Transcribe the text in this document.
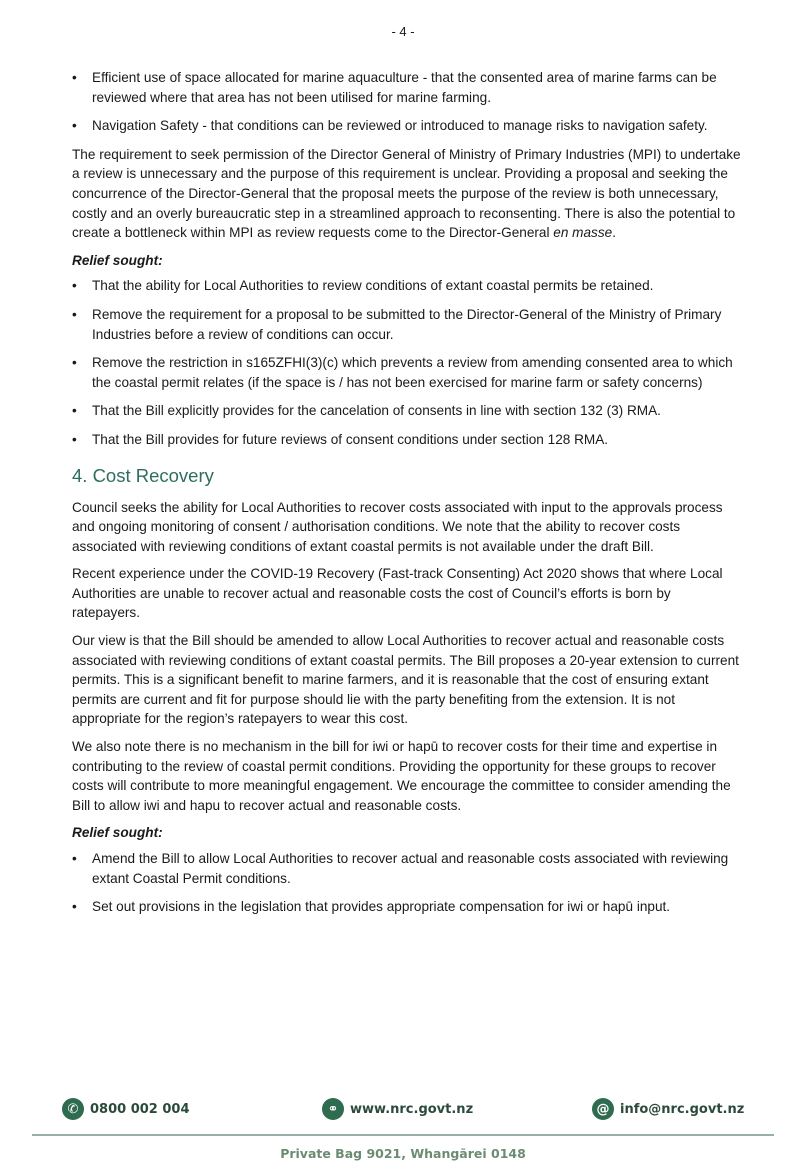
- 4 -
• Efficient use of space allocated for marine aquaculture - that the consented area of marine farms can be reviewed where that area has not been utilised for marine farming.
• Navigation Safety - that conditions can be reviewed or introduced to manage risks to navigation safety.

The requirement to seek permission of the Director General of Ministry of Primary Industries (MPI) to undertake a review is unnecessary and the purpose of this requirement is unclear. Providing a proposal and seeking the concurrence of the Director-General that the proposal meets the purpose of the review is both unnecessary, costly and an overly bureaucratic step in a streamlined approach to reconsenting. There is also the potential to create a bottleneck within MPI as review requests come to the Director-General en masse.

Relief sought:
• That the ability for Local Authorities to review conditions of extant coastal permits be retained.
• Remove the requirement for a proposal to be submitted to the Director-General of the Ministry of Primary Industries before a review of conditions can occur.
• Remove the restriction in s165ZFHI(3)(c) which prevents a review from amending consented area to which the coastal permit relates (if the space is / has not been exercised for marine farm or safety concerns)
• That the Bill explicitly provides for the cancelation of consents in line with section 132 (3) RMA.
• That the Bill provides for future reviews of consent conditions under section 128 RMA.
4. Cost Recovery

Council seeks the ability for Local Authorities to recover costs associated with input to the approvals process and ongoing monitoring of consent / authorisation conditions. We note that the ability to recover costs associated with reviewing conditions of extant coastal permits is not available under the draft Bill.

Recent experience under the COVID-19 Recovery (Fast-track Consenting) Act 2020 shows that where Local Authorities are unable to recover actual and reasonable costs the cost of Council’s efforts is born by ratepayers.

Our view is that the Bill should be amended to allow Local Authorities to recover actual and reasonable costs associated with reviewing conditions of extant coastal permits. The Bill proposes a 20-year extension to current permits. This is a significant benefit to marine farmers, and it is reasonable that the cost of ensuring extant permits are current and fit for purpose should lie with the party benefiting from the extension. It is not appropriate for the region’s ratepayers to wear this cost.

We also note there is no mechanism in the bill for iwi or hapū to recover costs for their time and expertise in contributing to the review of coastal permit conditions. Providing the opportunity for these groups to recover costs will contribute to more meaningful engagement. We encourage the committee to consider amending the Bill to allow iwi and hapu to recover actual and reasonable costs.

Relief sought:
• Amend the Bill to allow Local Authorities to recover actual and reasonable costs associated with reviewing extant Coastal Permit conditions.
• Set out provisions in the legislation that provides appropriate compensation for iwi or hapū input.
✆ 0800 002 004	⚭ www.nrc.govt.nz	@ info@nrc.govt.nz
Private Bag 9021, Whangārei 0148
